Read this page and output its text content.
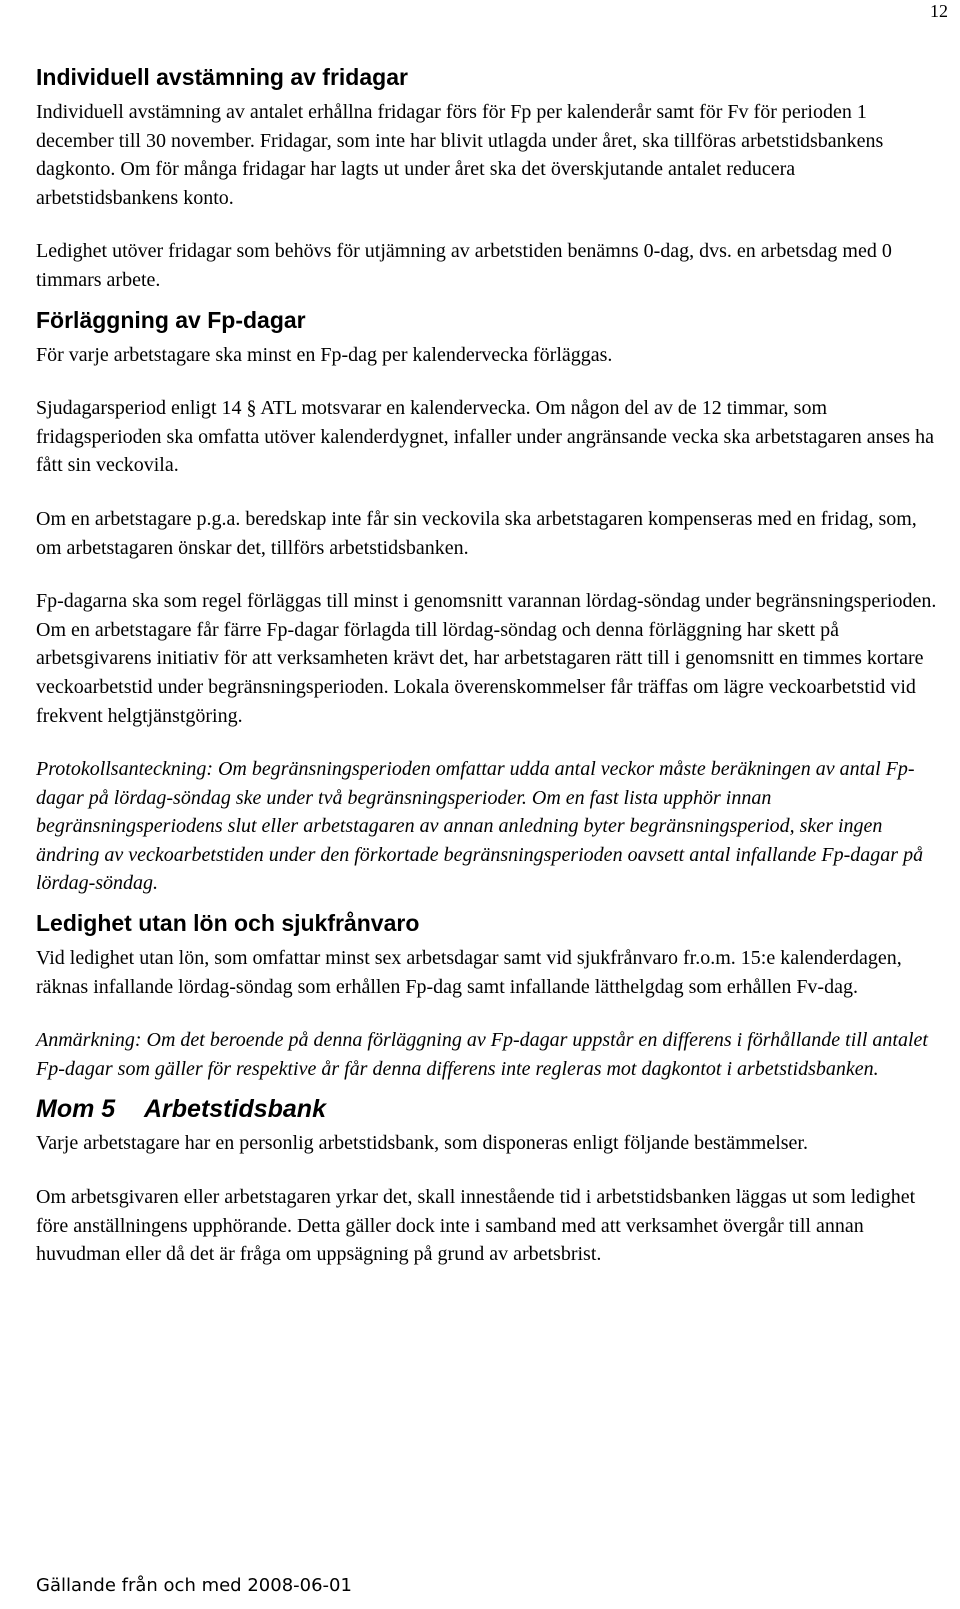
12
Individuell avstämning av fridagar

Individuell avstämning av antalet erhållna fridagar förs för Fp per kalenderår samt för Fv för perioden 1 december till 30 november. Fridagar, som inte har blivit utlagda under året, ska tillföras arbetstidsbankens dagkonto. Om för många fridagar har lagts ut under året ska det överskjutande antalet reducera arbetstidsbankens konto.

Ledighet utöver fridagar som behövs för utjämning av arbetstiden benämns 0-dag, dvs. en arbetsdag med 0 timmars arbete.

Förläggning av Fp-dagar

För varje arbetstagare ska minst en Fp-dag per kalendervecka förläggas.

Sjudagarsperiod enligt 14 § ATL motsvarar en kalendervecka. Om någon del av de 12 timmar, som fridagsperioden ska omfatta utöver kalenderdygnet, infaller under angränsande vecka ska arbetstagaren anses ha fått sin veckovila.

Om en arbetstagare p.g.a. beredskap inte får sin veckovila ska arbetstagaren kompenseras med en fridag, som, om arbetstagaren önskar det, tillförs arbetstidsbanken.

Fp-dagarna ska som regel förläggas till minst i genomsnitt varannan lördag-söndag under begränsningsperioden. Om en arbetstagare får färre Fp-dagar förlagda till lördag-söndag och denna förläggning har skett på arbetsgivarens initiativ för att verksamheten krävt det, har arbetstagaren rätt till i genomsnitt en timmes kortare veckoarbetstid under begränsningsperioden. Lokala överenskommelser får träffas om lägre veckoarbetstid vid frekvent helgtjänstgöring.

Protokollsanteckning: Om begränsningsperioden omfattar udda antal veckor måste beräkningen av antal Fp-dagar på lördag-söndag ske under två begränsningsperioder. Om en fast lista upphör innan begränsningsperiodens slut eller arbetstagaren av annan anledning byter begränsningsperiod, sker ingen ändring av veckoarbetstiden under den förkortade begränsningsperioden oavsett antal infallande Fp-dagar på lördag-söndag.

Ledighet utan lön och sjukfrånvaro

Vid ledighet utan lön, som omfattar minst sex arbetsdagar samt vid sjukfrånvaro fr.o.m. 15:e kalenderdagen, räknas infallande lördag-söndag som erhållen Fp-dag samt infallande lätthelgdag som erhållen Fv-dag.

Anmärkning: Om det beroende på denna förläggning av Fp-dagar uppstår en differens i förhållande till antalet Fp-dagar som gäller för respektive år får denna differens inte regleras mot dagkontot i arbetstidsbanken.

Mom 5	Arbetstidsbank

Varje arbetstagare har en personlig arbetstidsbank, som disponeras enligt följande bestämmelser.

Om arbetsgivaren eller arbetstagaren yrkar det, skall innestående tid i arbetstidsbanken läggas ut som ledighet före anställningens upphörande. Detta gäller dock inte i samband med att verksamhet övergår till annan huvudman eller då det är fråga om uppsägning på grund av arbetsbrist.

Gällande från och med 2008-06-01
